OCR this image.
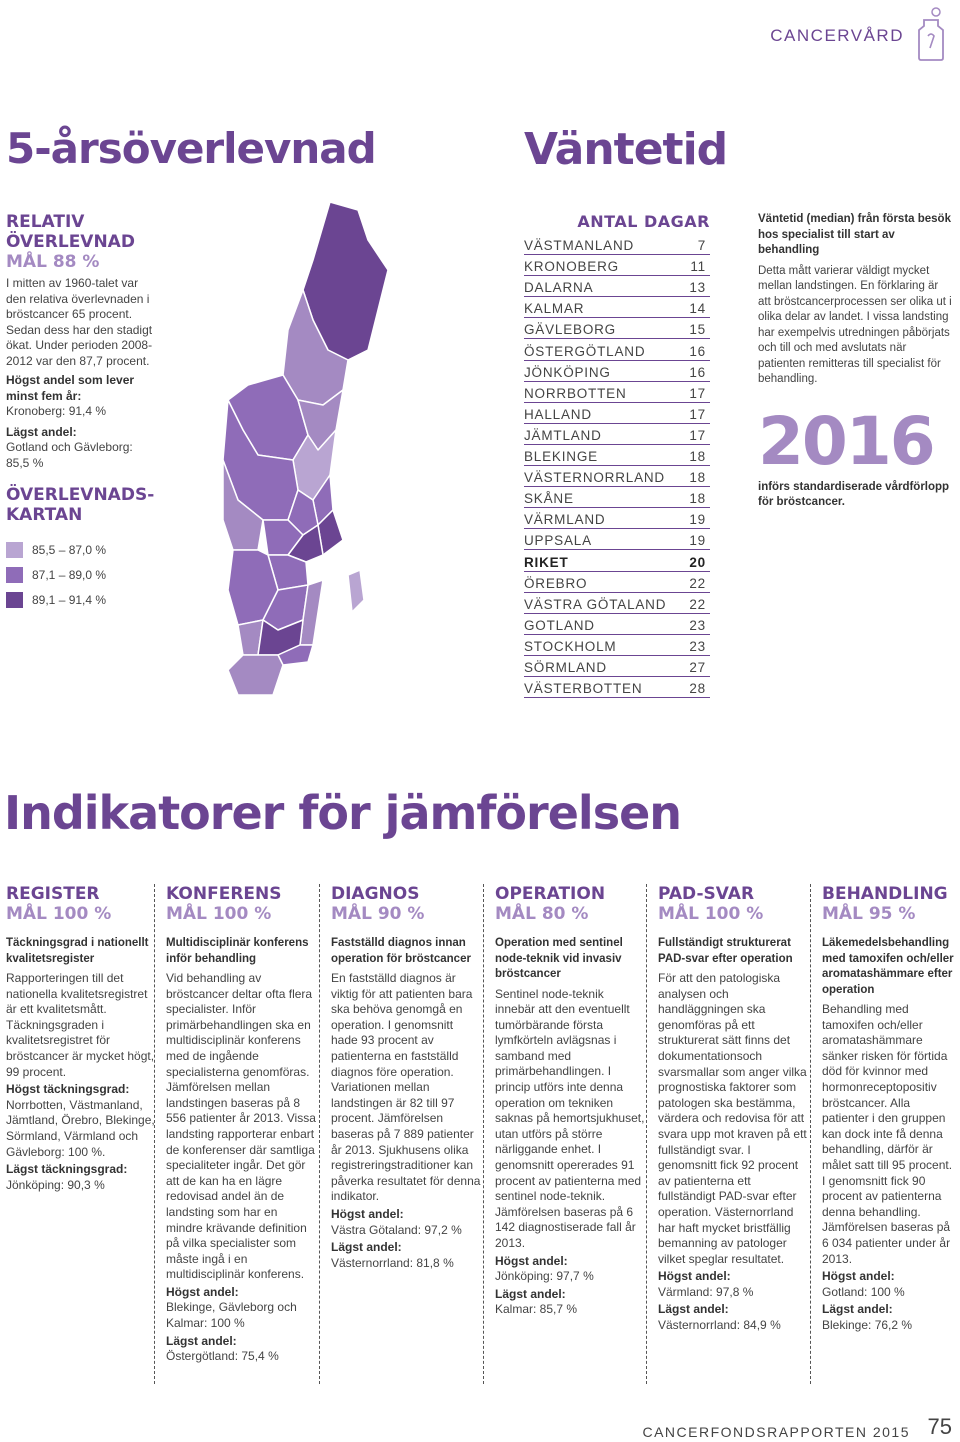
CANCERVÅRD
5-årsöverlevnad	Väntetid
RELATIV
ÖVERLEVNAD
MÅL 88 %
I mitten av 1960-talet var den relativa överlevnaden i bröstcancer 65 procent. Sedan dess har den stadigt ökat. Under perioden 2008-2012 var den 87,7 procent.
Högst andel som lever minst fem år:
Kronoberg: 91,4 %
Lägst andel:
Gotland och Gävleborg: 85,5 %
ÖVERLEVNADS-
KARTAN
85,5 – 87,0 %
87,1 – 89,0 %
89,1 – 91,4 %
ANTAL DAGAR
VÄSTMANLAND	7
KRONOBERG	11
DALARNA	13
KALMAR	14
GÄVLEBORG	15
ÖSTERGÖTLAND	16
JÖNKÖPING	16
NORRBOTTEN	17
HALLAND	17
JÄMTLAND	17
BLEKINGE	18
VÄSTERNORRLAND 18
SKÅNE	18
VÄRMLAND	19
UPPSALA	19
RIKET	20
ÖREBRO	22
VÄSTRA GÖTALAND 22
GOTLAND	23
STOCKHOLM	23
SÖRMLAND	27
VÄSTERBOTTEN	28
Väntetid (median) från första besök hos specialist till start av behandling
Detta mått varierar väldigt mycket mellan landstingen. En förklaring är att bröstcancerprocessen ser olika ut i olika delar av landet. I vissa landsting har exempelvis utredningen påbörjats och till och med avslutats när patienten remitteras till specialist för behandling.
2016
införs standardiserade vårdförlopp för bröstcancer.
Indikatorer för jämförelsen
REGISTER
MÅL 100 %
Täckningsgrad i nationellt kvalitetsregister
Rapporteringen till det nationella kvalitetsregistret är ett kvalitetsmått. Täckningsgraden i kvalitetsregistret för bröstcancer är mycket högt, 99 procent.
Högst täckningsgrad:
Norrbotten, Västmanland, Jämtland, Örebro, Blekinge, Sörmland, Värmland och Gävleborg: 100 %.
Lägst täckningsgrad:
Jönköping: 90,3 %
KONFERENS
MÅL 100 %
Multidisciplinär konferens inför behandling
Vid behandling av bröstcancer deltar ofta flera specialister. Inför primärbehandlingen ska en multidisciplinär konferens med de ingående specialisterna genomföras. Jämförelsen mellan landstingen baseras på 8 556 patienter år 2013. Vissa landsting rapporterar enbart de konferenser där samtliga specialiteter ingår. Det gör att de kan ha en lägre redovisad andel än de landsting som har en mindre krävande definition på vilka specialister som måste ingå i en multidisciplinär konferens.
Högst andel:
Blekinge, Gävleborg och Kalmar: 100 %
Lägst andel:
Östergötland: 75,4 %
DIAGNOS
MÅL 90 %
Fastställd diagnos innan operation för bröstcancer
En fastställd diagnos är viktig för att patienten bara ska behöva genomgå en operation. I genomsnitt hade 93 procent av patienterna en fastställd diagnos före operation. Variationen mellan landstingen är 82 till 97 procent. Jämförelsen baseras på 7 889 patienter år 2013. Sjukhusens olika registreringstraditioner kan påverka resultatet för denna indikator.
Högst andel:
Västra Götaland: 97,2 %
Lägst andel:
Västernorrland: 81,8 %
OPERATION
MÅL 80 %
Operation med sentinel node-teknik vid invasiv bröstcancer
Sentinel node-teknik innebär att den eventuellt tumörbärande första lymfkörteln avlägsnas i samband med primärbehandlingen. I princip utförs inte denna operation om tekniken saknas på hemortsjukhuset, utan utförs på större närliggande enhet. I genomsnitt opererades 91 procent av patienterna med sentinel node-teknik. Jämförelsen baseras på 6 142 diagnostiserade fall år 2013.
Högst andel:
Jönköping: 97,7 %
Lägst andel:
Kalmar: 85,7 %
PAD-SVAR
MÅL 100 %
Fullständigt strukturerat PAD-svar efter operation
För att den patologiska analysen och handläggningen ska genomföras på ett strukturerat sätt finns det dokumentationsoch svarsmallar som anger vilka prognostiska faktorer som patologen ska bestämma, värdera och redovisa för att svara upp mot kraven på ett fullständigt svar. I genomsnitt fick 92 procent av patienterna ett fullständigt PAD-svar efter operation. Västernorrland har haft mycket bristfällig bemanning av patologer vilket speglar resultatet.
Högst andel:
Värmland: 97,8 %
Lägst andel:
Västernorrland: 84,9 %
BEHANDLING
MÅL 95 %
Läkemedelsbehandling med tamoxifen och/eller aromatashämmare efter operation
Behandling med tamoxifen och/eller aromatashämmare sänker risken för förtida död för kvinnor med hormonreceptopositiv bröstcancer. Alla patienter i den gruppen kan dock inte få denna behandling, därför är målet satt till 95 procent. I genomsnitt fick 90 procent av patienterna denna behandling. Jämförelsen baseras på 6 034 patienter under år 2013.
Högst andel:
Gotland: 100 %
Lägst andel:
Blekinge: 76,2 %
CANCERFONDSRAPPORTEN 2015 75
